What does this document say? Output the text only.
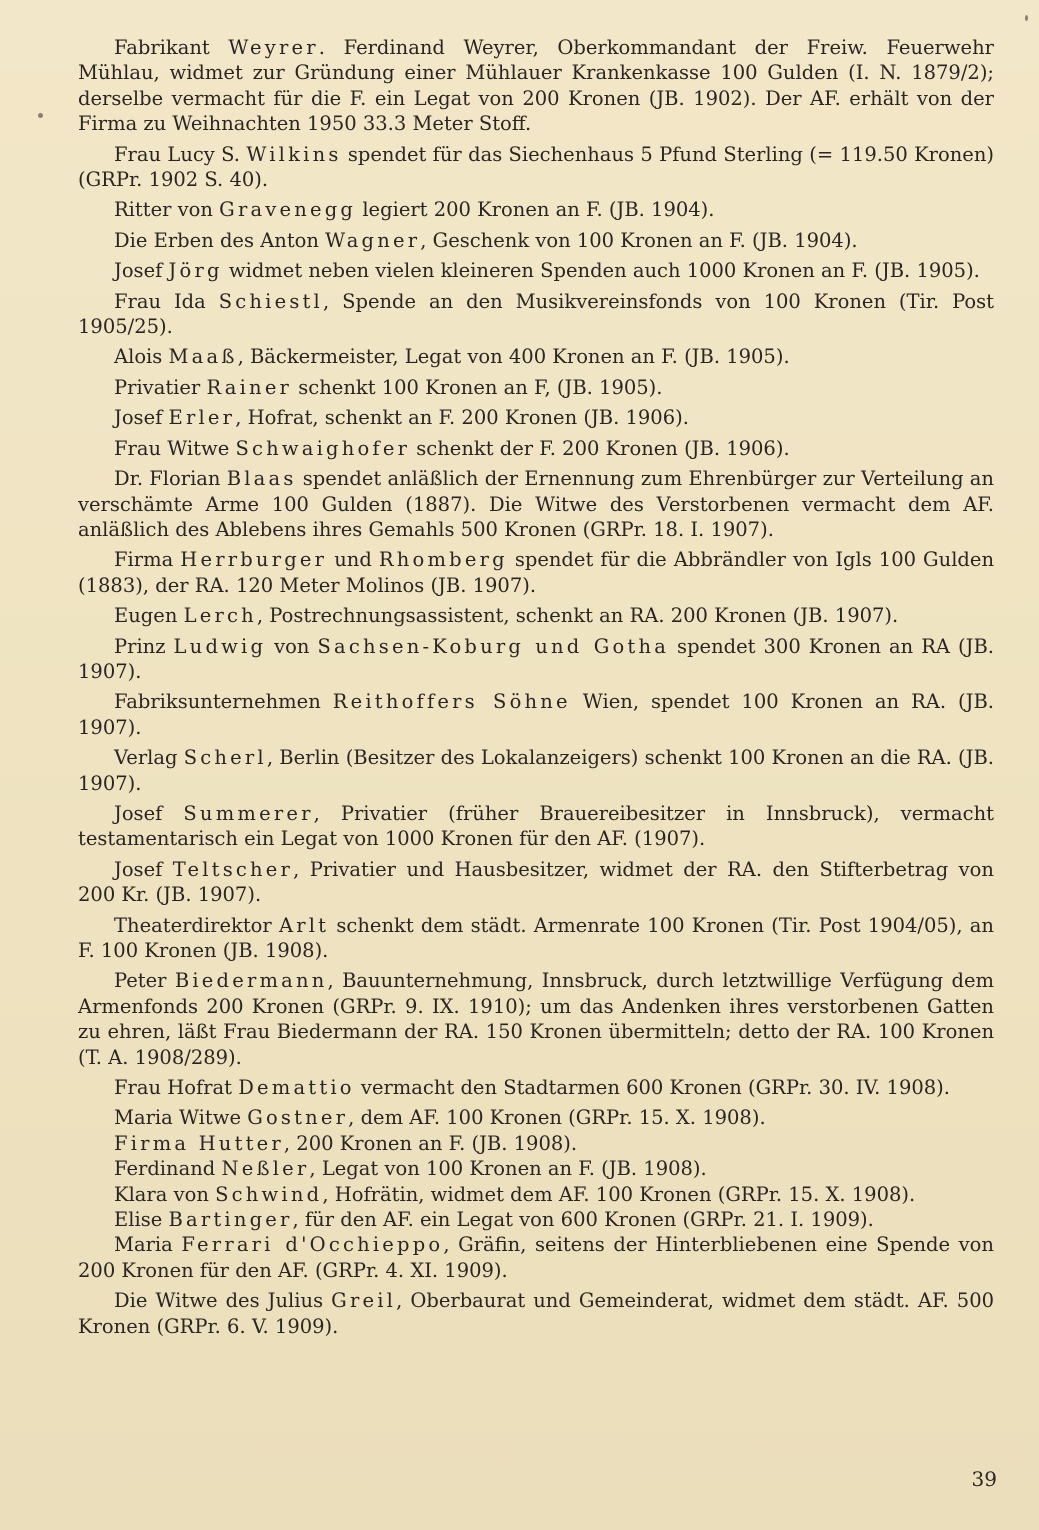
Fabrikant Weyrer. Ferdinand Weyrer, Oberkommandant der Freiw. Feuerwehr Mühlau, widmet zur Gründung einer Mühlauer Krankenkasse 100 Gulden (I. N. 1879/2); derselbe vermacht für die F. ein Legat von 200 Kronen (JB. 1902). Der AF. erhält von der Firma zu Weihnachten 1950 33.3 Meter Stoff.

Frau Lucy S. Wilkins spendet für das Siechenhaus 5 Pfund Sterling (= 119.50 Kronen) (GRPr. 1902 S. 40).

Ritter von Gravenegg legiert 200 Kronen an F. (JB. 1904).

Die Erben des Anton Wagner, Geschenk von 100 Kronen an F. (JB. 1904).

Josef Jörg widmet neben vielen kleineren Spenden auch 1000 Kronen an F. (JB. 1905).

Frau Ida Schiestl, Spende an den Musikvereinsfonds von 100 Kronen (Tir. Post 1905/25).

Alois Maaß, Bäckermeister, Legat von 400 Kronen an F. (JB. 1905).

Privatier Rainer schenkt 100 Kronen an F, (JB. 1905).

Josef Erler, Hofrat, schenkt an F. 200 Kronen (JB. 1906).

Frau Witwe Schwaighofer schenkt der F. 200 Kronen (JB. 1906).

Dr. Florian Blaas spendet anläßlich der Ernennung zum Ehrenbürger zur Verteilung an verschämte Arme 100 Gulden (1887). Die Witwe des Verstorbenen vermacht dem AF. anläßlich des Ablebens ihres Gemahls 500 Kronen (GRPr. 18. I. 1907).

Firma Herrburger und Rhomberg spendet für die Abbrändler von Igls 100 Gulden (1883), der RA. 120 Meter Molinos (JB. 1907).

Eugen Lerch, Postrechnungsassistent, schenkt an RA. 200 Kronen (JB. 1907).

Prinz Ludwig von Sachsen-Koburg und Gotha spendet 300 Kronen an RA (JB. 1907).

Fabriksunternehmen Reithoffers Söhne Wien, spendet 100 Kronen an RA. (JB. 1907).

Verlag Scherl, Berlin (Besitzer des Lokalanzeigers) schenkt 100 Kronen an die RA. (JB. 1907).

Josef Summerer, Privatier (früher Brauereibesitzer in Innsbruck), vermacht testamentarisch ein Legat von 1000 Kronen für den AF. (1907).

Josef Teltscher, Privatier und Hausbesitzer, widmet der RA. den Stifterbetrag von 200 Kr. (JB. 1907).

Theaterdirektor Arlt schenkt dem städt. Armenrate 100 Kronen (Tir. Post 1904/05), an F. 100 Kronen (JB. 1908).

Peter Biedermann, Bauunternehmung, Innsbruck, durch letztwillige Verfügung dem Armenfonds 200 Kronen (GRPr. 9. IX. 1910); um das Andenken ihres verstorbenen Gatten zu ehren, läßt Frau Biedermann der RA. 150 Kronen übermitteln; detto der RA. 100 Kronen (T. A. 1908/289).

Frau Hofrat Demattio vermacht den Stadtarmen 600 Kronen (GRPr. 30. IV. 1908).

Maria Witwe Gostner, dem AF. 100 Kronen (GRPr. 15. X. 1908).

Firma Hutter, 200 Kronen an F. (JB. 1908).

Ferdinand Neßler, Legat von 100 Kronen an F. (JB. 1908).

Klara von Schwind, Hofrätin, widmet dem AF. 100 Kronen (GRPr. 15. X. 1908).

Elise Bartinger, für den AF. ein Legat von 600 Kronen (GRPr. 21. I. 1909).

Maria Ferrari d'Occhieppo, Gräfin, seitens der Hinterbliebenen eine Spende von 200 Kronen für den AF. (GRPr. 4. XI. 1909).

Die Witwe des Julius Greil, Oberbaurat und Gemeinderat, widmet dem städt. AF. 500 Kronen (GRPr. 6. V. 1909).

39
